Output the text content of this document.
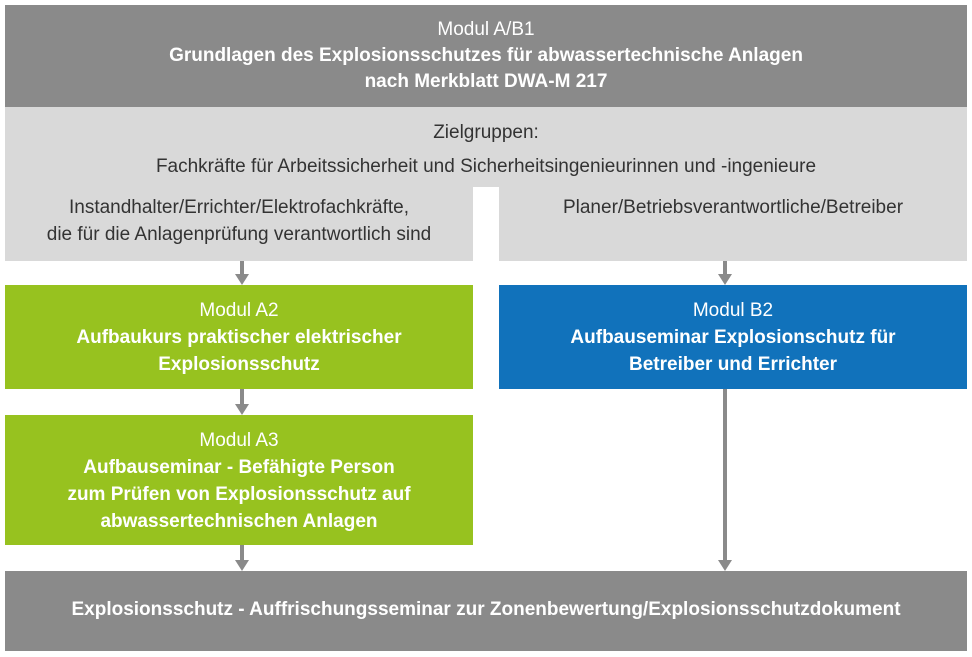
Modul A/B1
Grundlagen des Explosionsschutzes für abwassertechnische Anlagen
nach Merkblatt DWA-M 217
Zielgruppen:
Fachkräfte für Arbeitssicherheit und Sicherheitsingenieurinnen und -ingenieure
Instandhalter/Errichter/Elektrofachkräfte,
die für die Anlagenprüfung verantwortlich sind
Planer/Betriebsverantwortliche/Betreiber
Modul A2
Aufbaukurs praktischer elektrischer
Explosionsschutz
Modul B2
Aufbauseminar Explosionschutz für
Betreiber und Errichter
Modul A3
Aufbauseminar - Befähigte Person
zum Prüfen von Explosionsschutz auf
abwassertechnischen Anlagen
Explosionsschutz - Auffrischungsseminar zur Zonenbewertung/Explosionsschutzdokument
